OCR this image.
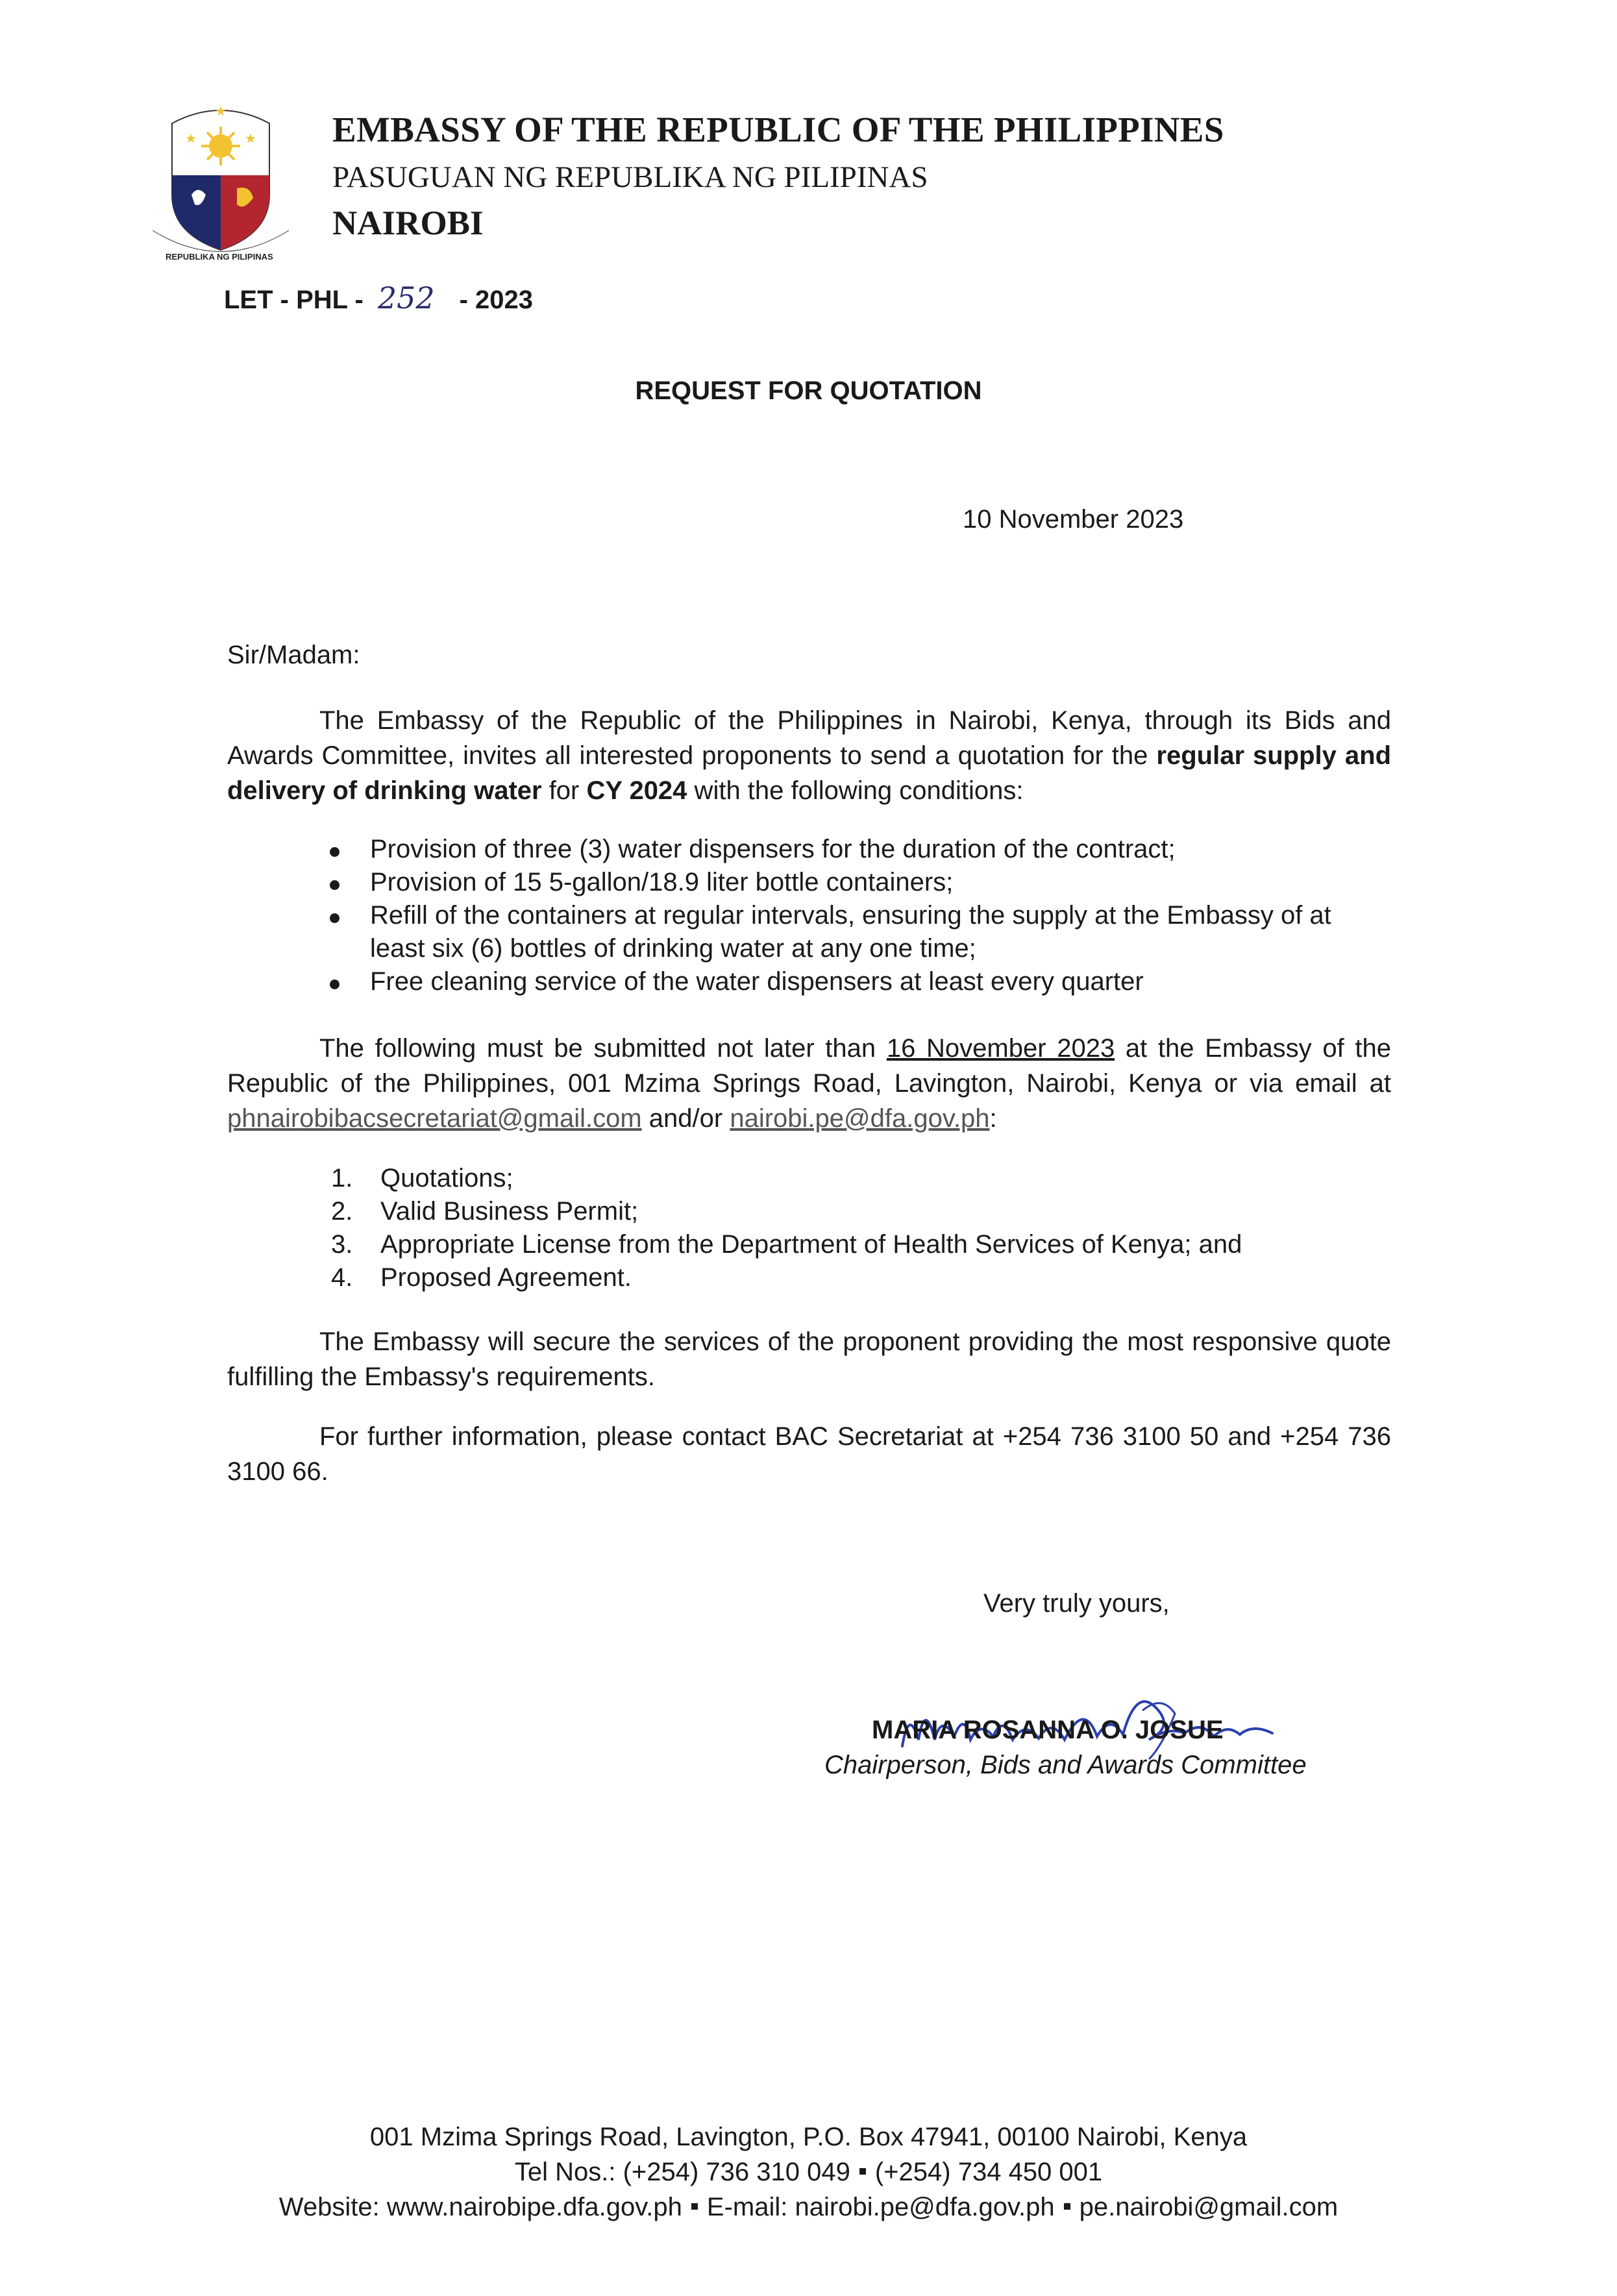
★	★
★
REPUBLIKA NG PILIPINAS
EMBASSY OF THE REPUBLIC OF THE PHILIPPINES
PASUGUAN NG REPUBLIKA NG PILIPINAS
NAIROBI
LET - PHL - 252 - 2023
REQUEST FOR QUOTATION
10 November 2023
Sir/Madam:
The Embassy of the Republic of the Philippines in Nairobi, Kenya, through its Bids and Awards Committee, invites all interested proponents to send a quotation for the regular supply and delivery of drinking water for CY 2024 with the following conditions:
Provision of three (3) water dispensers for the duration of the contract;
Provision of 15 5-gallon/18.9 liter bottle containers;
Refill of the containers at regular intervals, ensuring the supply at the Embassy of at least six (6) bottles of drinking water at any one time;
Free cleaning service of the water dispensers at least every quarter
The following must be submitted not later than 16 November 2023 at the Embassy of the Republic of the Philippines, 001 Mzima Springs Road, Lavington, Nairobi, Kenya or via email at phnairobibacsecretariat@gmail.com and/or nairobi.pe@dfa.gov.ph:
1. Quotations;
2. Valid Business Permit;
3. Appropriate License from the Department of Health Services of Kenya; and
4. Proposed Agreement.
The Embassy will secure the services of the proponent providing the most responsive quote fulfilling the Embassy's requirements.
For further information, please contact BAC Secretariat at +254 736 3100 50 and +254 736 3100 66.
Very truly yours,
MARIA ROSANNA O. JOSUE
Chairperson, Bids and Awards Committee
001 Mzima Springs Road, Lavington, P.O. Box 47941, 00100 Nairobi, Kenya
Tel Nos.: (+254) 736 310 049 (+254) 734 450 001
Website: www.nairobipe.dfa.gov.ph E-mail: nairobi.pe@dfa.gov.ph pe.nairobi@gmail.com
